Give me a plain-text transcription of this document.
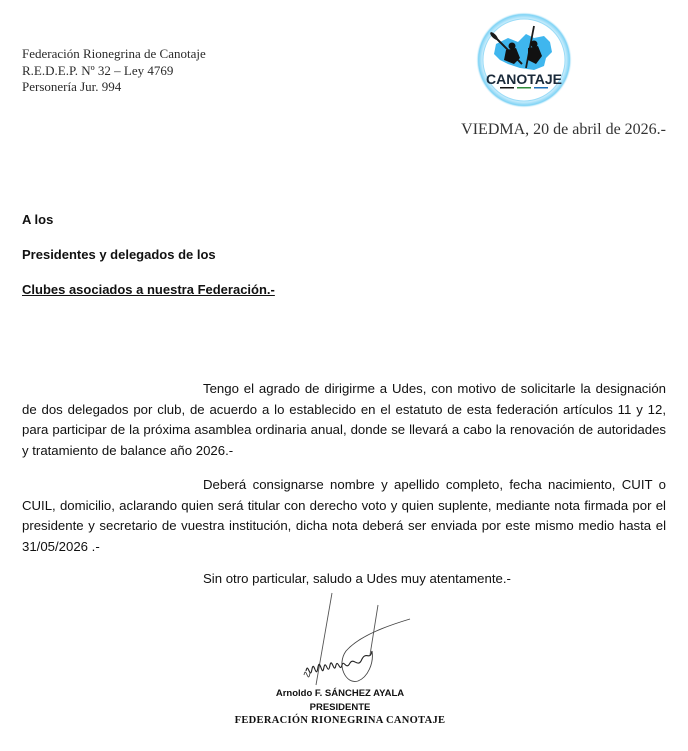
Federación Rionegrina de Canotaje
R.E.D.E.P. Nº 32 – Ley 4769
Personería Jur. 994	CANOTAJE
VIEDMA, 20 de abril de 2026.-
A los
Presidentes y delegados de los
Clubes asociados a nuestra Federación.-
Tengo el agrado de dirigirme a Udes, con motivo de solicitarle la designación de dos delegados por club, de acuerdo a lo establecido en el estatuto de esta federación artículos 11 y 12, para participar de la próxima asamblea ordinaria anual, donde se llevará a cabo la renovación de autoridades y tratamiento de balance año 2026.-
Deberá consignarse nombre y apellido completo, fecha nacimiento, CUIT o CUIL, domicilio, aclarando quien será titular con derecho voto y quien suplente, mediante nota firmada por el presidente y secretario de vuestra institución, dicha nota deberá ser enviada por este mismo medio hasta el 31/05/2026 .-
Sin otro particular, saludo a Udes muy atentamente.-
Arnoldo F. SÁNCHEZ AYALA
PRESIDENTE
FEDERACIÓN RIONEGRINA CANOTAJE
